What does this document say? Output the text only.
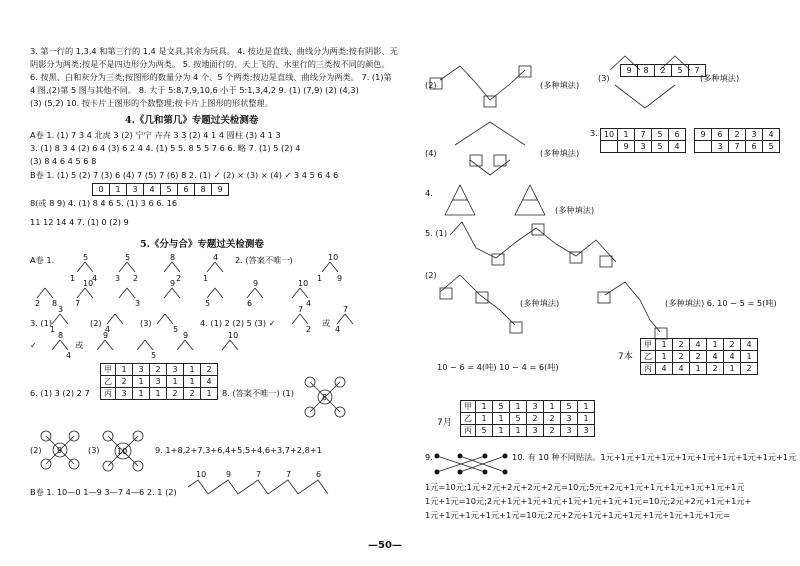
3. 第一行的 1,3,4 和第三行的 1,4 是文具,其余为玩具。 4. 按边是直线、曲线分为两类;按有阴影、无
阴影分为两类;按是不是四边形分为两类。 5. 按地面行的、天上飞的、水里行的三类按不同的颜色。
6. 按黑、白和灰分为三类;按图形的数量分为 4 个、5 个两类;按边是直线、曲线分为两类。 7. (1)第
4 图,(2)第 5 图与其他不同。 8. 大于 5:8,7,9,10,6 小于 5:1,3,4,2 9. (1) (7,9) (2) (4,3)
(3) (5,2) 10. 按卡片上图形的个数整理;按卡片上图形的形状整理。
4.《几和第几》专题过关检测卷
A卷 1. (1) 7 3 4 北虎 3 (2) 宁宁 卉卉 3 3 (2) 4 1 4 圆柱 (3) 4 1 3
3. (1) 8 3 4 (2) 6 4 (3) 6 2 4 4. (1) 5 5. 8 5 5 7 6 6. 略 7. (1) 5 (2) 4
(3) 8 4 6 4 5 6 8
B卷 1. (1) 5 (2) 7 (3) 6 (4) 7 (5) 7 (6) 8 2. (1) ✓ (2) × (3) × (4) ✓ 3 4 5 6 4 6
0	1	3	4	5	6	8	9
8(或 8 9) 4. (1) 8 4 6 5. (1) 3 6 6. 16
11 12 14 4 7. (1) 0 (2) 9
5.《分与合》专题过关检测卷
A卷 1.	2. (答案不唯一)
5
1 4
5
3 2
8
2
4
1
10
1 9
2 8
10
7	3
9
5
9
6
10
4
3
1	4	5
7
2
7
4
8
4
9
5
9	10
10 9	7	7	6
3. (1)	(2)	(3)	4. (1) 2 (2) 5 (3) ✓	或
✓	或
甲	1	3	2	3	1	2
乙	2	1	3	1	1	4
丙	3	1	1	2	2	1
6. (1) 3 (2) 2 7	8. (答案不唯一) (1)
(2)	(3)	9. 1+8,2+7,3+6,4+5,5+4,6+3,7+2,8+1
B卷 1. 10—0 1—9 3—7 4—6 2. 1 (2)
8
9	10
—50—
(2)	(多种填法)
(3)	(多种填法)
9	8	2	5	7
3. 10	1	7	5	6
	9	3	5	4
9	6	2	3	4
	3	7	6	5
(4)	(多种填法)
4.
(多种填法)
5. (1)
(2)
(多种填法)	(多种填法) 6. 10 − 5 = 5(吨)
10 − 6 = 4(吨) 10 − 4 = 6(吨)
7本
甲	1	2	4	1	2	4
乙	1	2	2	4	4	1
丙	4	4	1	2	1	2
7月
甲	1	5	1	3	1	5	1
乙	1	1	5	2	2	3	1
丙	5	1	1	3	2	3	3
9.	10. 有 10 种不同贴法。1元+1元+1元+1元+1元+1元+1元+1元+1元+1元
1元=10元;1元+2元+2元+2元+2元=10元;5元+2元+1元+1元+1元+1元+1元+1元
1元+1元=10元;2元+1元+1元+1元+1元+1元+1元+1元=10元;2元+2元+1元+1元+
1元+1元+1元+1元+1元=10元;2元+2元+1元+1元+1元+1元+1元+1元+1元=
